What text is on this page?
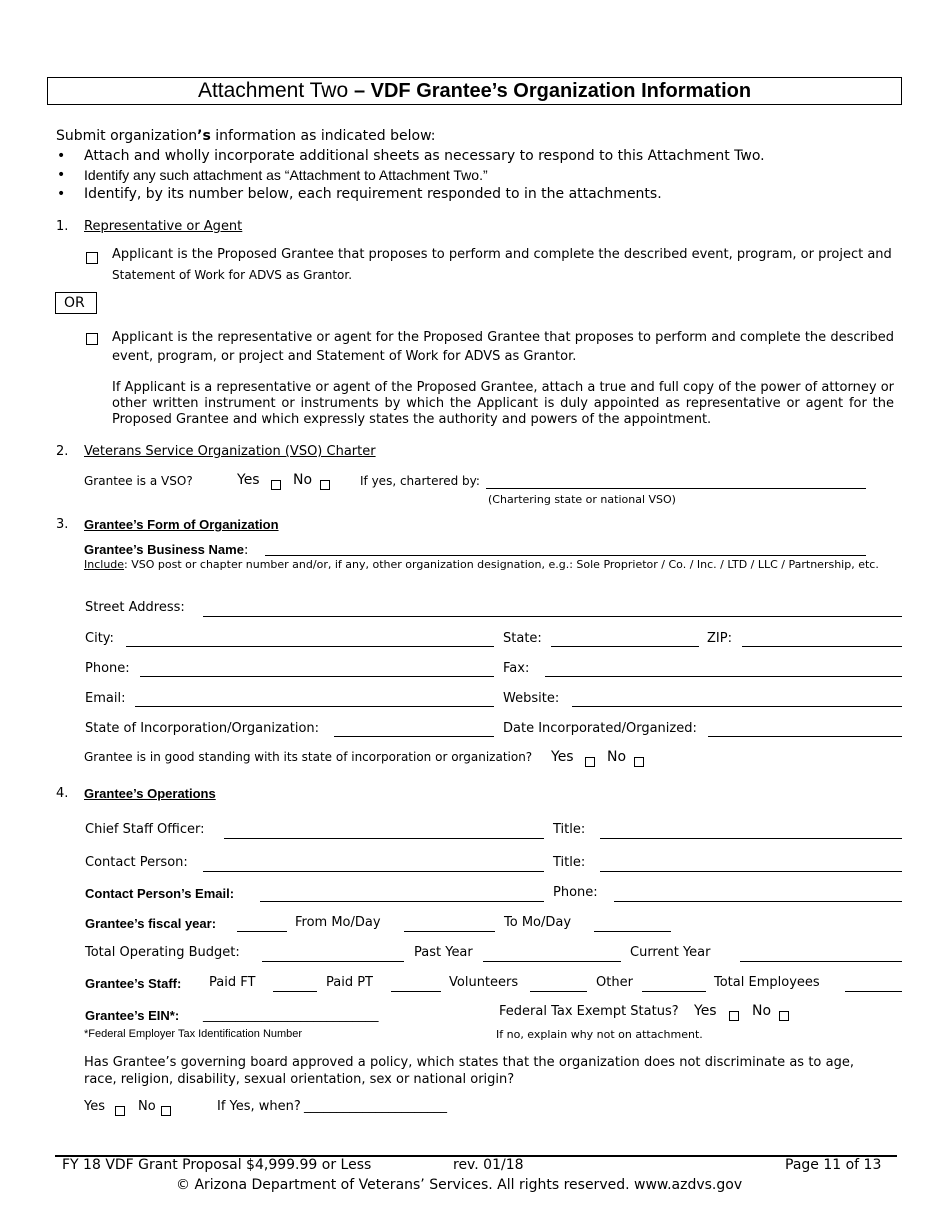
Attachment Two – VDF Grantee’s Organization Information
Submit organization’s information as indicated below:
• Attach and wholly incorporate additional sheets as necessary to respond to this Attachment Two.
• Identify any such attachment as “Attachment to Attachment Two.”
• Identify, by its number below, each requirement responded to in the attachments.
1. Representative or Agent
Applicant is the Proposed Grantee that proposes to perform and complete the described event, program, or project and
Statement of Work for ADVS as Grantor.
OR
Applicant is the representative or agent for the Proposed Grantee that proposes to perform and complete the described event, program, or project and Statement of Work for ADVS as Grantor.
If Applicant is a representative or agent of the Proposed Grantee, attach a true and full copy of the power of attorney or other written instrument or instruments by which the Applicant is duly appointed as representative or agent for the Proposed Grantee and which expressly states the authority and powers of the appointment.
2. Veterans Service Organization (VSO) Charter
Grantee is a VSO?	Yes No	If yes, chartered by:
(Chartering state or national VSO)
3. Grantee’s Form of Organization
Grantee’s Business Name:
Include: VSO post or chapter number and/or, if any, other organization designation, e.g.: Sole Proprietor / Co. / Inc. / LTD / LLC / Partnership, etc.
Street Address:
City:	State:	ZIP:
Phone:	Fax:
Email:	Website:
State of Incorporation/Organization:	Date Incorporated/Organized:
Grantee is in good standing with its state of incorporation or organization? Yes No
4. Grantee’s Operations
Chief Staff Officer:	Title:
Contact Person:	Title:
Contact Person’s Email:	Phone:
Grantee’s fiscal year:	From Mo/Day	To Mo/Day
Total Operating Budget:	Past Year	Current Year
Grantee’s Staff: Paid FT	Paid PT	Volunteers	Other	Total Employees
Grantee’s EIN*: ___________________________	Federal Tax Exempt Status? Yes	No
*Federal Employer Tax Identification Number	If no, explain why not on attachment.
Has Grantee’s governing board approved a policy, which states that the organization does not discriminate as to age, race, religion, disability, sexual orientation, sex or national origin?
Yes	No	If Yes, when? ______________________
FY 18 VDF Grant Proposal $4,999.99 or Less	rev. 01/18	Page 11 of 13
© Arizona Department of Veterans’ Services. All rights reserved. www.azdvs.gov
